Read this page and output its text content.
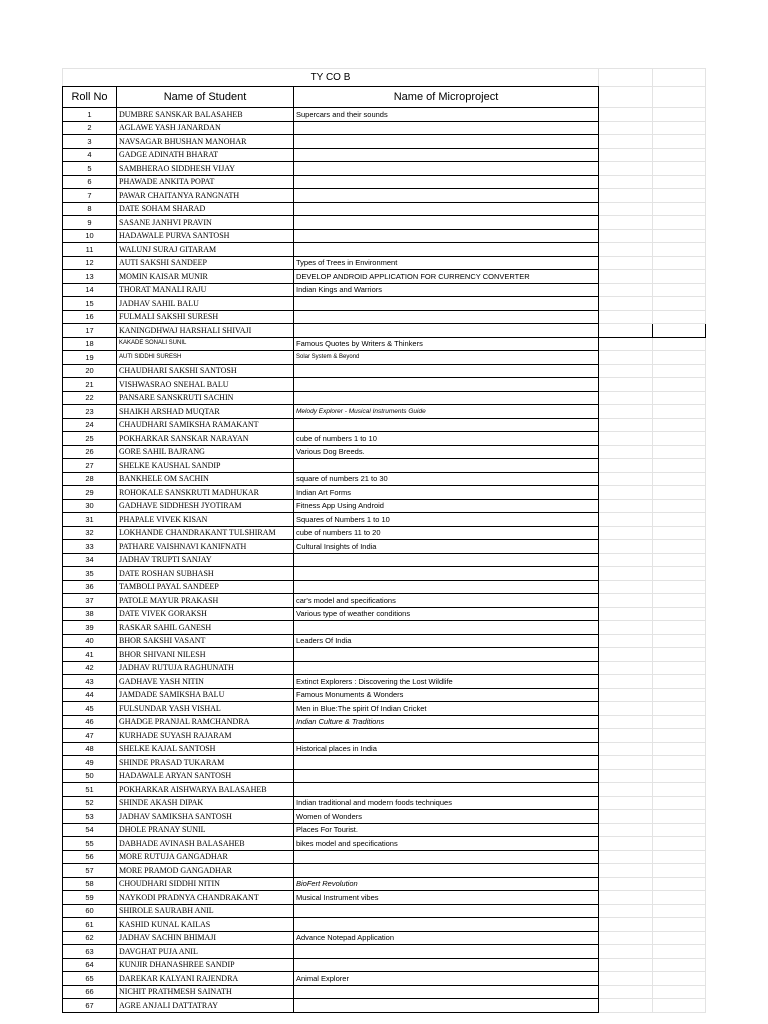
TY CO B				
Roll No	Name of Student	Name of Microproject		
1	DUMBRE SANSKAR BALASAHEB	Supercars and their sounds		
2	AGLAWE YASH JANARDAN			
3	NAVSAGAR BHUSHAN MANOHAR			
4	GADGE ADINATH BHARAT			
5	SAMBHERAO SIDDHESH VIJAY			
6	PHAWADE ANKITA POPAT			
7	PAWAR CHAITANYA RANGNATH			
8	DATE SOHAM SHARAD			
9	SASANE JANHVI PRAVIN			
10	HADAWALE PURVA SANTOSH			
11	WALUNJ SURAJ GITARAM			
12	AUTI SAKSHI SANDEEP	Types of Trees in Environment		
13	MOMIN KAISAR MUNIR	DEVELOP ANDROID APPLICATION FOR CURRENCY CONVERTER		
14	THORAT MANALI RAJU	Indian Kings and Warriors		
15	JADHAV SAHIL BALU			
16	FULMALI SAKSHI SURESH			
17	KANINGDHWAJ HARSHALI SHIVAJI			
18	KAKADE SONALI SUNIL	Famous Quotes by Writers & Thinkers		
19	AUTI SIDDHI SURESH	Solar System & Beyond		
20	CHAUDHARI SAKSHI SANTOSH			
21	VISHWASRAO SNEHAL BALU			
22	PANSARE SANSKRUTI SACHIN			
23	SHAIKH ARSHAD MUQTAR	Melody Explorer - Musical Instruments Guide		
24	CHAUDHARI SAMIKSHA RAMAKANT			
25	POKHARKAR SANSKAR NARAYAN	cube of numbers 1 to 10		
26	GORE SAHIL BAJRANG	Various Dog Breeds.		
27	SHELKE KAUSHAL SANDIP			
28	BANKHELE OM SACHIN	square of numbers 21 to 30		
29	ROHOKALE SANSKRUTI MADHUKAR	Indian Art Forms		
30	GADHAVE SIDDHESH JYOTIRAM	Fitness App Using Android		
31	PHAPALE VIVEK KISAN	Squares of Numbers 1 to 10		
32	LOKHANDE CHANDRAKANT TULSHIRAM	cube of numbers 11 to 20		
33	PATHARE VAISHNAVI KANIFNATH	Cultural Insights of India		
34	JADHAV TRUPTI SANJAY			
35	DATE ROSHAN SUBHASH			
36	TAMBOLI PAYAL SANDEEP			
37	PATOLE MAYUR PRAKASH	car's model and specifications		
38	DATE VIVEK GORAKSH	Various type of weather conditions		
39	RASKAR SAHIL GANESH			
40	BHOR SAKSHI VASANT	Leaders Of India		
41	BHOR SHIVANI NILESH			
42	JADHAV RUTUJA RAGHUNATH			
43	GADHAVE YASH NITIN	Extinct Explorers : Discovering the Lost Wildlife		
44	JAMDADE SAMIKSHA BALU	Famous Monuments & Wonders		
45	FULSUNDAR YASH VISHAL	Men in Blue:The spirit Of Indian Cricket		
46	GHADGE PRANJAL RAMCHANDRA	Indian Culture & Traditions		
47	KURHADE SUYASH RAJARAM			
48	SHELKE KAJAL SANTOSH	Historical places in India		
49	SHINDE PRASAD TUKARAM			
50	HADAWALE ARYAN SANTOSH			
51	POKHARKAR AISHWARYA BALASAHEB			
52	SHINDE AKASH DIPAK	Indian traditional and modern foods techniques		
53	JADHAV SAMIKSHA SANTOSH	Women of Wonders		
54	DHOLE PRANAY SUNIL	Places For Tourist.		
55	DABHADE AVINASH BALASAHEB	bikes model and specifications		
56	MORE RUTUJA GANGADHAR			
57	MORE PRAMOD GANGADHAR			
58	CHOUDHARI SIDDHI NITIN	BioFert Revolution		
59	NAYKODI PRADNYA CHANDRAKANT	Musical Instrument vibes		
60	SHIROLE SAURABH ANIL			
61	KASHID KUNAL KAILAS			
62	JADHAV SACHIN BHIMAJI	Advance Notepad Application		
63	DAVGHAT PUJA ANIL			
64	KUNJIR DHANASHREE SANDIP			
65	DAREKAR KALYANI RAJENDRA	Animal Explorer		
66	NICHIT PRATHMESH SAINATH			
67	AGRE ANJALI DATTATRAY			
